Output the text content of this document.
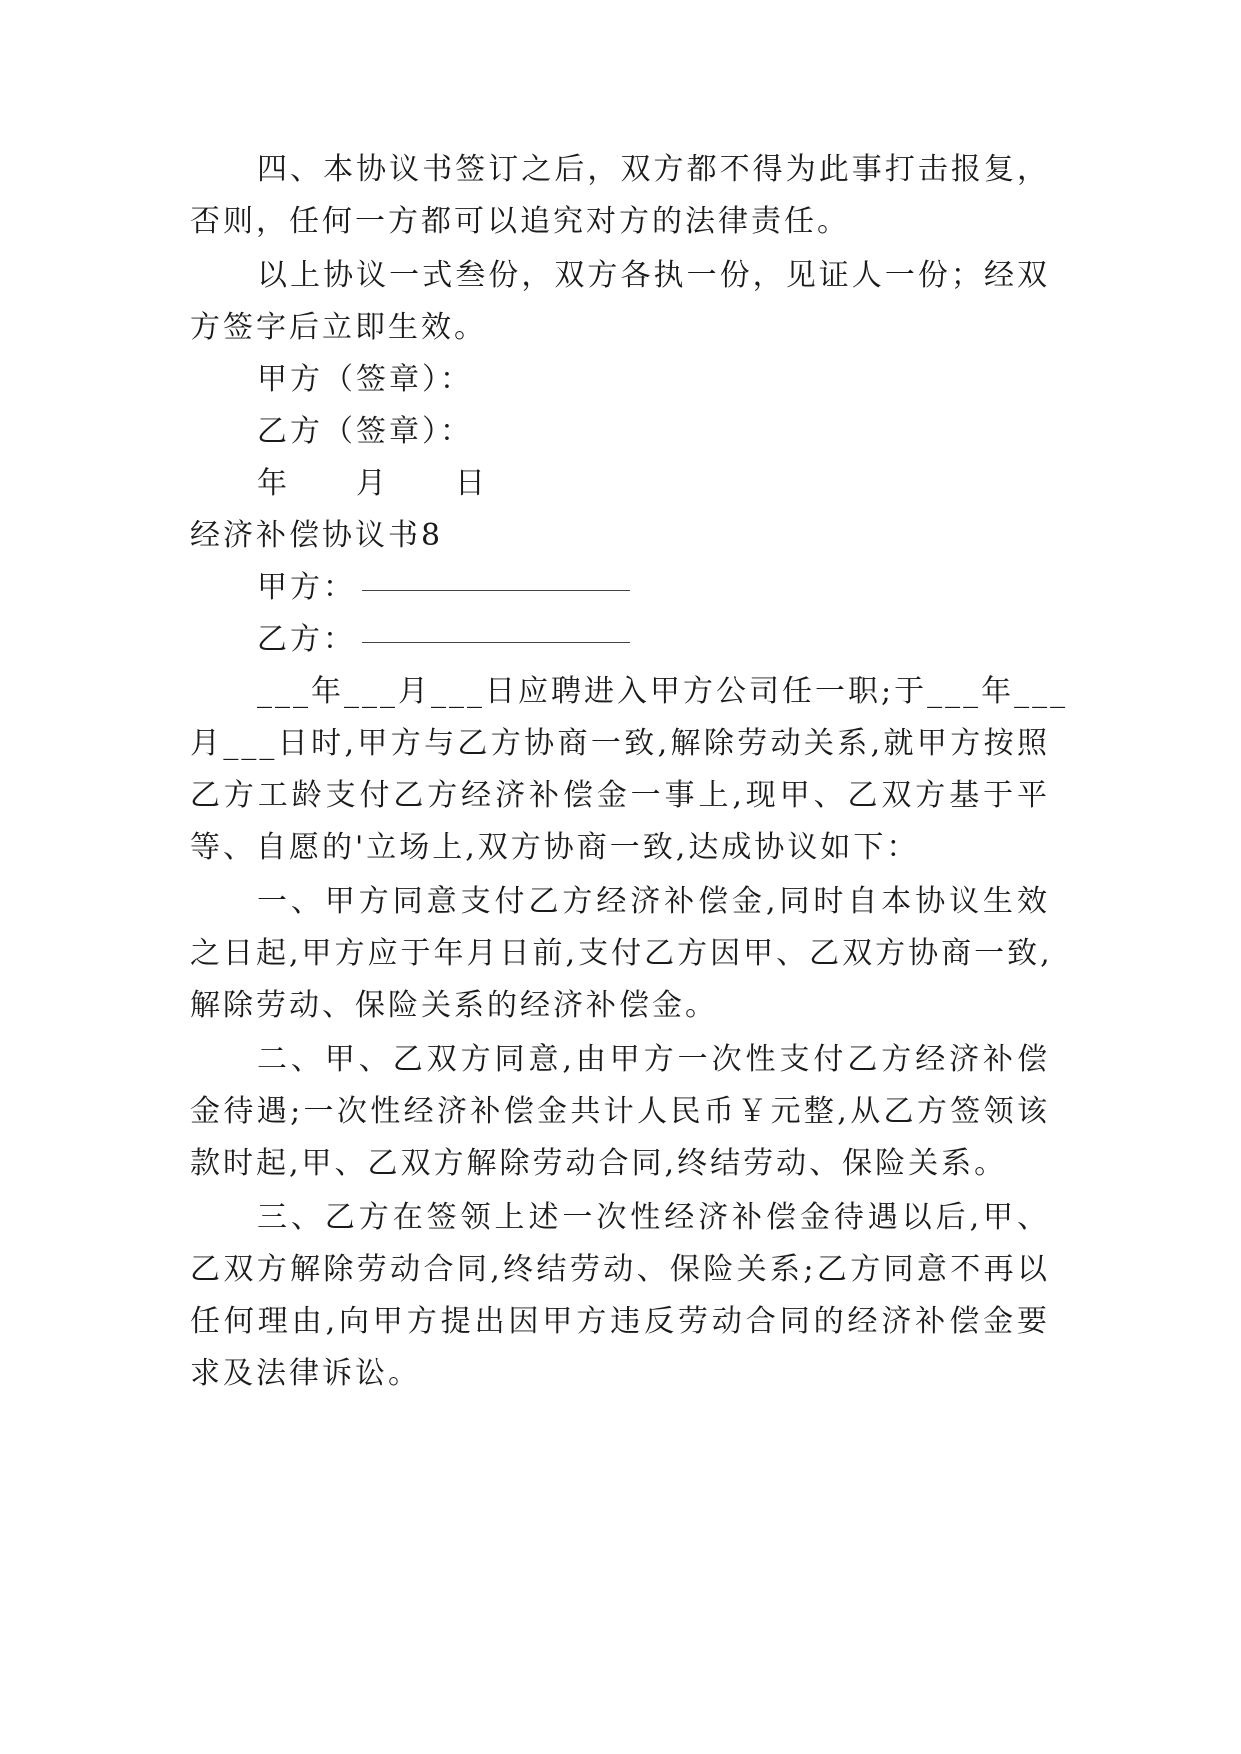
四、本协议书签订之后，双方都不得为此事打击报复，
否则，任何一方都可以追究对方的法律责任。
以上协议一式叁份，双方各执一份，见证人一份；经双
方签字后立即生效。
甲方（签章）：
乙方（签章）：
年　　月　　日
经济补偿协议书8
甲方：
乙方：
___年___月___日应聘进入甲方公司任一职;于___年___
月___日时,甲方与乙方协商一致,解除劳动关系,就甲方按照
乙方工龄支付乙方经济补偿金一事上,现甲、乙双方基于平
等、自愿的'立场上,双方协商一致,达成协议如下：
一、甲方同意支付乙方经济补偿金,同时自本协议生效
之日起,甲方应于年月日前,支付乙方因甲、乙双方协商一致,
解除劳动、保险关系的经济补偿金。
二、甲、乙双方同意,由甲方一次性支付乙方经济补偿
金待遇;一次性经济补偿金共计人民币￥元整,从乙方签领该
款时起,甲、乙双方解除劳动合同,终结劳动、保险关系。
三、乙方在签领上述一次性经济补偿金待遇以后,甲、
乙双方解除劳动合同,终结劳动、保险关系;乙方同意不再以
任何理由,向甲方提出因甲方违反劳动合同的经济补偿金要
求及法律诉讼。
